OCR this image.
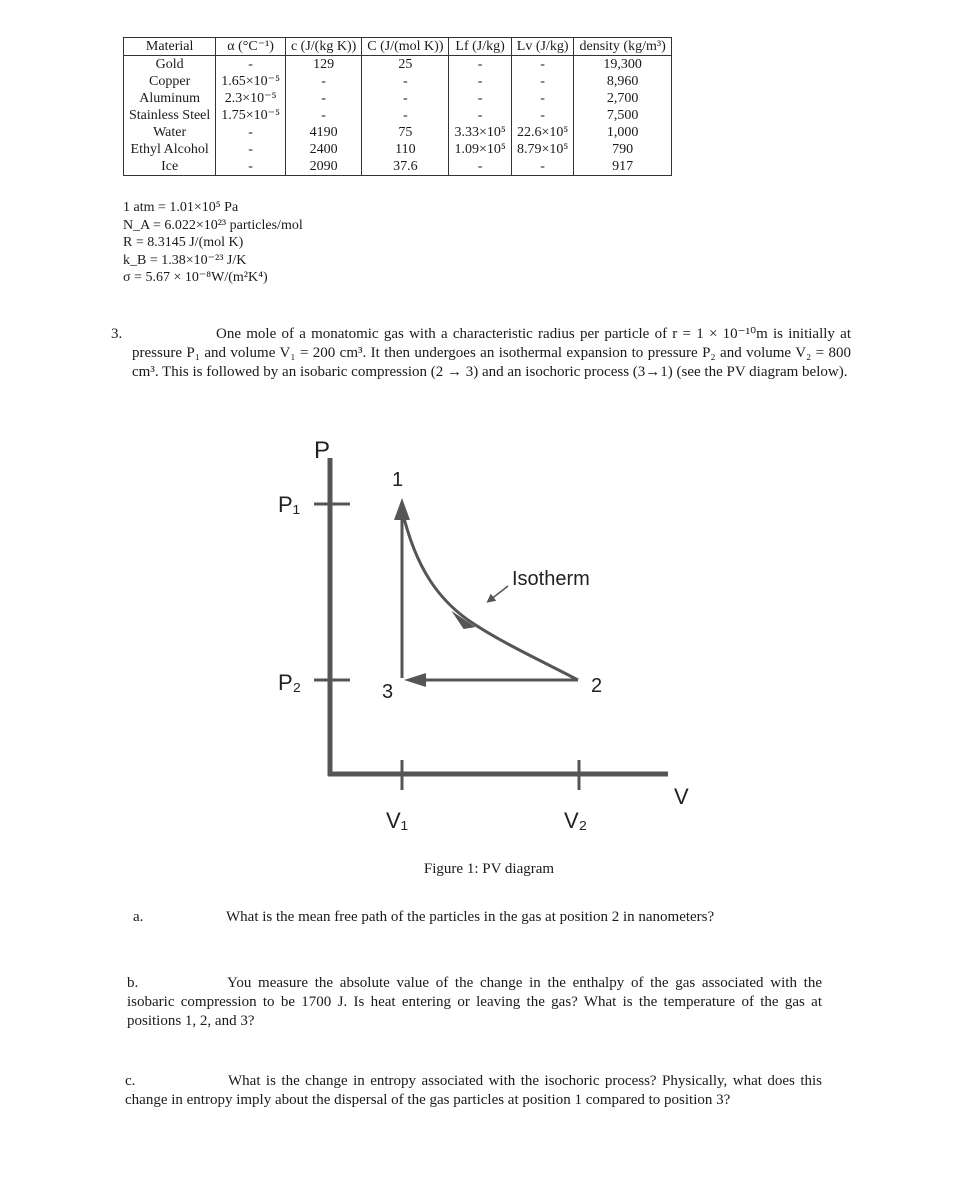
Material	α (°C⁻¹)	c (J/(kg K))	C (J/(mol K))	Lf (J/kg)	Lv (J/kg)	density (kg/m³)
Gold	-	129	25	-	-	19,300
Copper	1.65×10⁻⁵	-	-	-	-	8,960
Aluminum	2.3×10⁻⁵	-	-	-	-	2,700
Stainless Steel	1.75×10⁻⁵	-	-	-	-	7,500
Water	-	4190	75	3.33×10⁵	22.6×10⁵	1,000
Ethyl Alcohol	-	2400	110	1.09×10⁵	8.79×10⁵	790
Ice	-	2090	37.6	-	-	917
1 atm = 1.01×10⁵ Pa
N_A = 6.022×10²³ particles/mol
R = 8.3145 J/(mol K)
k_B = 1.38×10⁻²³ J/K
σ = 5.67 × 10⁻⁸W/(m²K⁴)
3.	One mole of a monatomic gas with a characteristic radius per particle of r = 1 × 10⁻¹⁰m is initially at pressure P₁ and volume V₁ = 200 cm³. It then undergoes an isothermal expansion to pressure P₂ and volume V₂ = 800 cm³. This is followed by an isobaric compression (2 → 3) and an isochoric process (3→1) (see the PV diagram below).
P
V
P₁
P₂
V₁	V₂
1
2
3
Isotherm
Figure 1: PV diagram
a.	What is the mean free path of the particles in the gas at position 2 in nanometers?
b.	You measure the absolute value of the change in the enthalpy of the gas associated with the isobaric compression to be 1700 J. Is heat entering or leaving the gas? What is the temperature of the gas at positions 1, 2, and 3?
c.	What is the change in entropy associated with the isochoric process? Physically, what does this change in entropy imply about the dispersal of the gas particles at position 1 compared to position 3?
